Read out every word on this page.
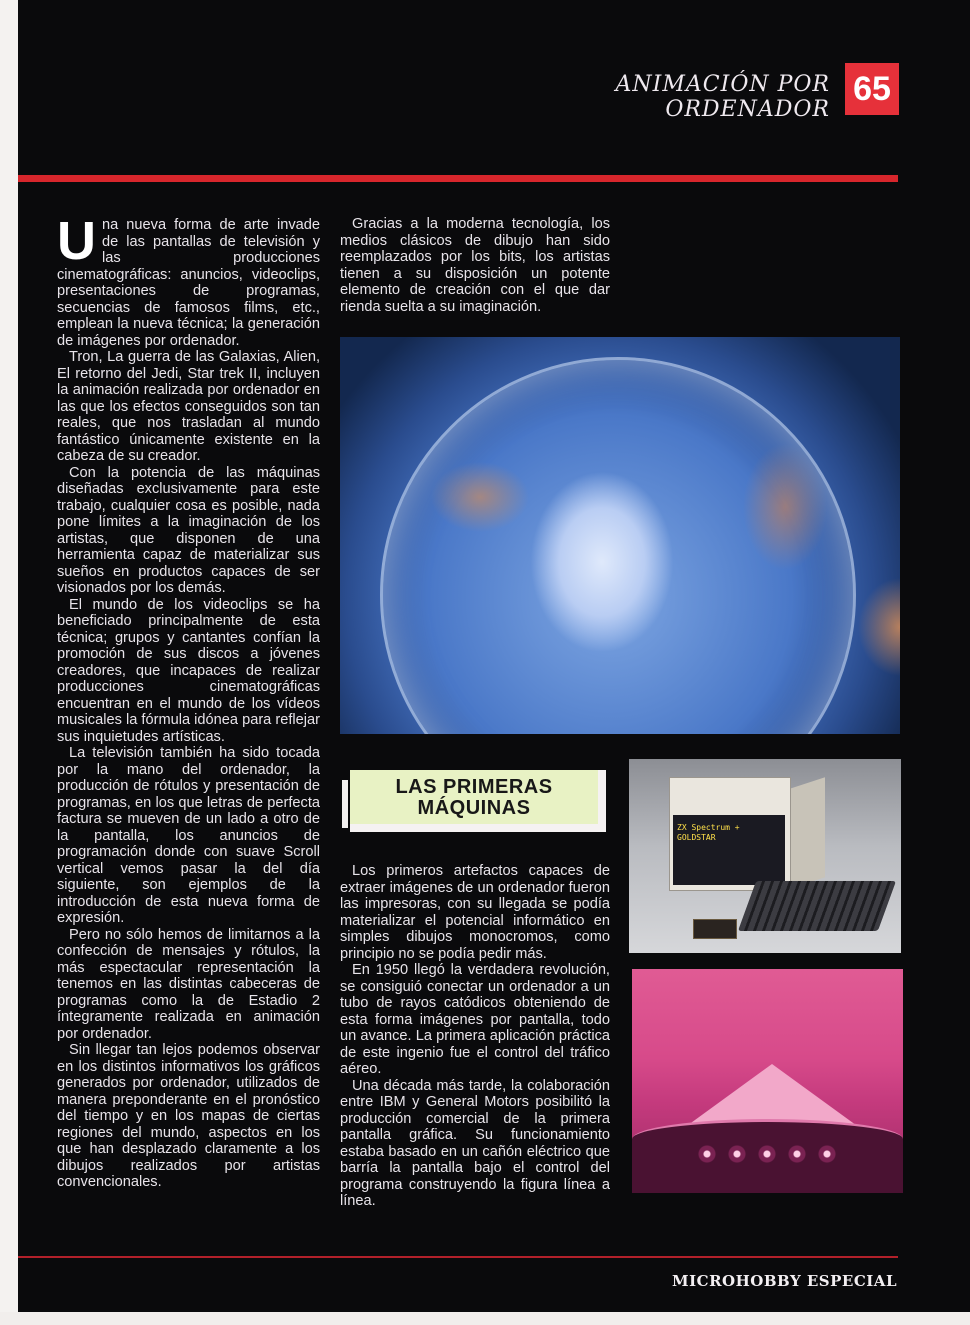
ANIMACIÓN POR ORDENADOR
65

Una nueva forma de arte invade de las pantallas de televisión y las producciones cinematográficas: anuncios, videoclips, presentaciones de programas, secuencias de famosos films, etc., emplean la nueva técnica; la generación de imágenes por ordenador.

Tron, La guerra de las Galaxias, Alien, El retorno del Jedi, Star trek II, incluyen la animación realizada por ordenador en las que los efectos conseguidos son tan reales, que nos trasladan al mundo fantástico únicamente existente en la cabeza de su creador.

Con la potencia de las máquinas diseñadas exclusivamente para este trabajo, cualquier cosa es posible, nada pone límites a la imaginación de los artistas, que disponen de una herramienta capaz de materializar sus sueños en productos capaces de ser visionados por los demás.

El mundo de los videoclips se ha beneficiado principalmente de esta técnica; grupos y cantantes confían la promoción de sus discos a jóvenes creadores, que incapaces de realizar producciones cinematográficas encuentran en el mundo de los vídeos musicales la fórmula idónea para reflejar sus inquietudes artísticas.

La televisión también ha sido tocada por la mano del ordenador, la producción de rótulos y presentación de programas, en los que letras de perfecta factura se mueven de un lado a otro de la pantalla, los anuncios de programación donde con suave Scroll vertical vemos pasar la del día siguiente, son ejemplos de la introducción de esta nueva forma de expresión.

Pero no sólo hemos de limitarnos a la confección de mensajes y rótulos, la más espectacular representación la tenemos en las distintas cabeceras de programas como la de Estadio 2 íntegramente realizada en animación por ordenador.

Sin llegar tan lejos podemos observar en los distintos informativos los gráficos generados por ordenador, utilizados de manera preponderante en el pronóstico del tiempo y en los mapas de ciertas regiones del mundo, aspectos en los que han desplazado claramente a los dibujos realizados por artistas convencionales.

Gracias a la moderna tecnología, los medios clásicos de dibujo han sido reemplazados por los bits, los artistas tienen a su disposición un potente elemento de creación con el que dar rienda suelta a su imaginación.

LAS PRIMERAS
MÁQUINAS
ZX Spectrum +
GOLDSTAR

Los primeros artefactos capaces de extraer imágenes de un ordenador fueron las impresoras, con su llegada se podía materializar el potencial informático en simples dibujos monocromos, como principio no se podía pedir más.

En 1950 llegó la verdadera revolución, se consiguió conectar un ordenador a un tubo de rayos catódicos obteniendo de esta forma imágenes por pantalla, todo un avance. La primera aplicación práctica de este ingenio fue el control del tráfico aéreo.

Una década más tarde, la colaboración entre IBM y General Motors posibilitó la producción comercial de la primera pantalla gráfica. Su funcionamiento estaba basado en un cañón eléctrico que barría la pantalla bajo el control del programa construyendo la figura línea a línea.

MICROHOBBY ESPECIAL
